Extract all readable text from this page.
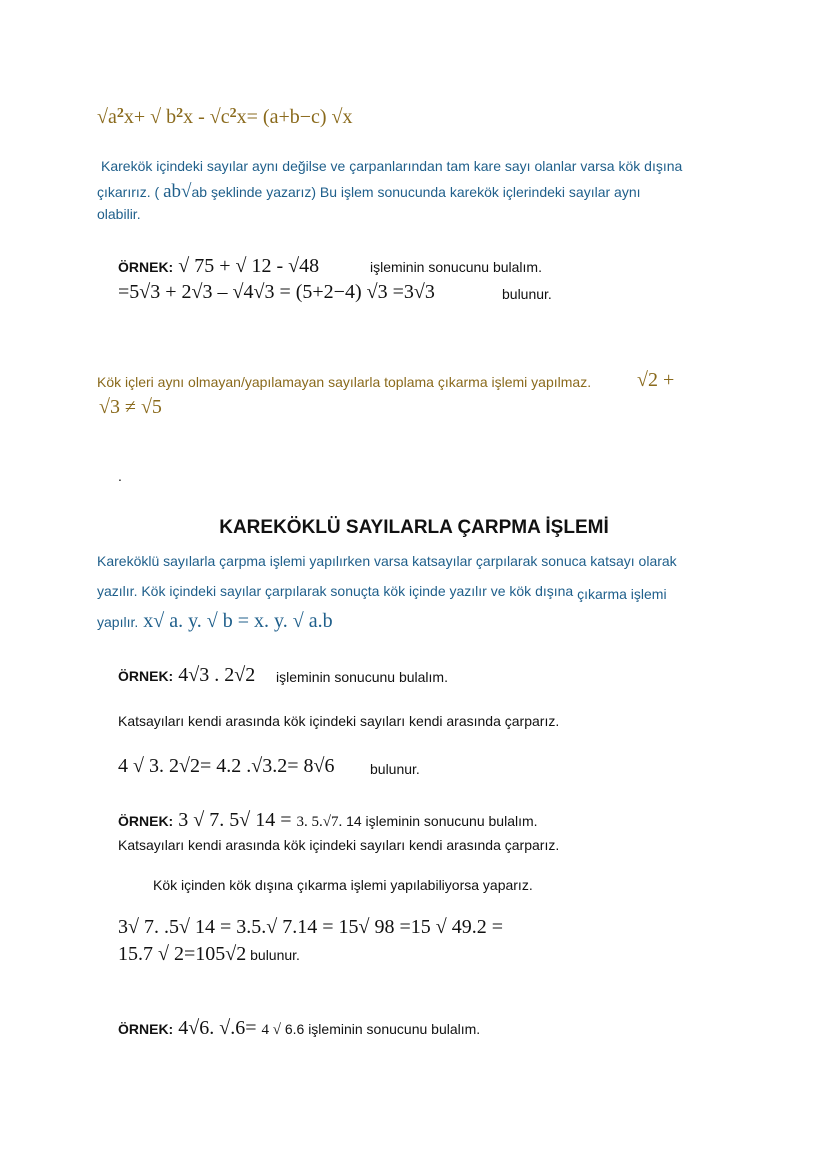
$√a^2x+$ √ $b^2x - √c^2x= (a+b-c)$ √x
Karekök içindeki sayılar aynı değilse ve çarpanlarından tam kare sayı olanlar varsa kök dışına
çıkarırız. ( ab√ab şeklinde yazarız) Bu işlem sonucunda karekök içlerindeki sayılar aynı
olabilir.
ÖRNEK: √ 75 + √ 12 - √48	işleminin sonucunu bulalım.
=5√3 + 2√3 – √4√3 = (5+2−4) √3 =3√3	bulunur.
Kök içleri aynı olmayan/yapılamayan sayılarla toplama çıkarma işlemi yapılmaz. √2 +
√3 ≠ √5
.
KAREKÖKLÜ SAYILARLA ÇARPMA İŞLEMİ
Kareköklü sayılarla çarpma işlemi yapılırken varsa katsayılar çarpılarak sonuca katsayı olarak
yazılır. Kök içindeki sayılar çarpılarak sonuçta kök içinde yazılır ve kök dışına çıkarma işlemi
yapılır. x√ a. y. √ b = x. y. √ a.b
ÖRNEK: 4√3 . 2√2 işleminin sonucunu bulalım.
Katsayıları kendi arasında kök içindeki sayıları kendi arasında çarparız.
4 √ 3. 2√2= 4.2 .√3.2= 8√6	bulunur.
ÖRNEK: 3 √ 7. 5√ 14 = 3. 5.√7. 14 işleminin sonucunu bulalım.
Katsayıları kendi arasında kök içindeki sayıları kendi arasında çarparız.
Kök içinden kök dışına çıkarma işlemi yapılabiliyorsa yaparız.
3√ 7. .5√ 14 = 3.5.√ 7.14 = 15√ 98 =15 √ 49.2 =
15.7 √ 2=105√2 bulunur.
ÖRNEK: 4√6. √.6= 4 √ 6.6 işleminin sonucunu bulalım.
